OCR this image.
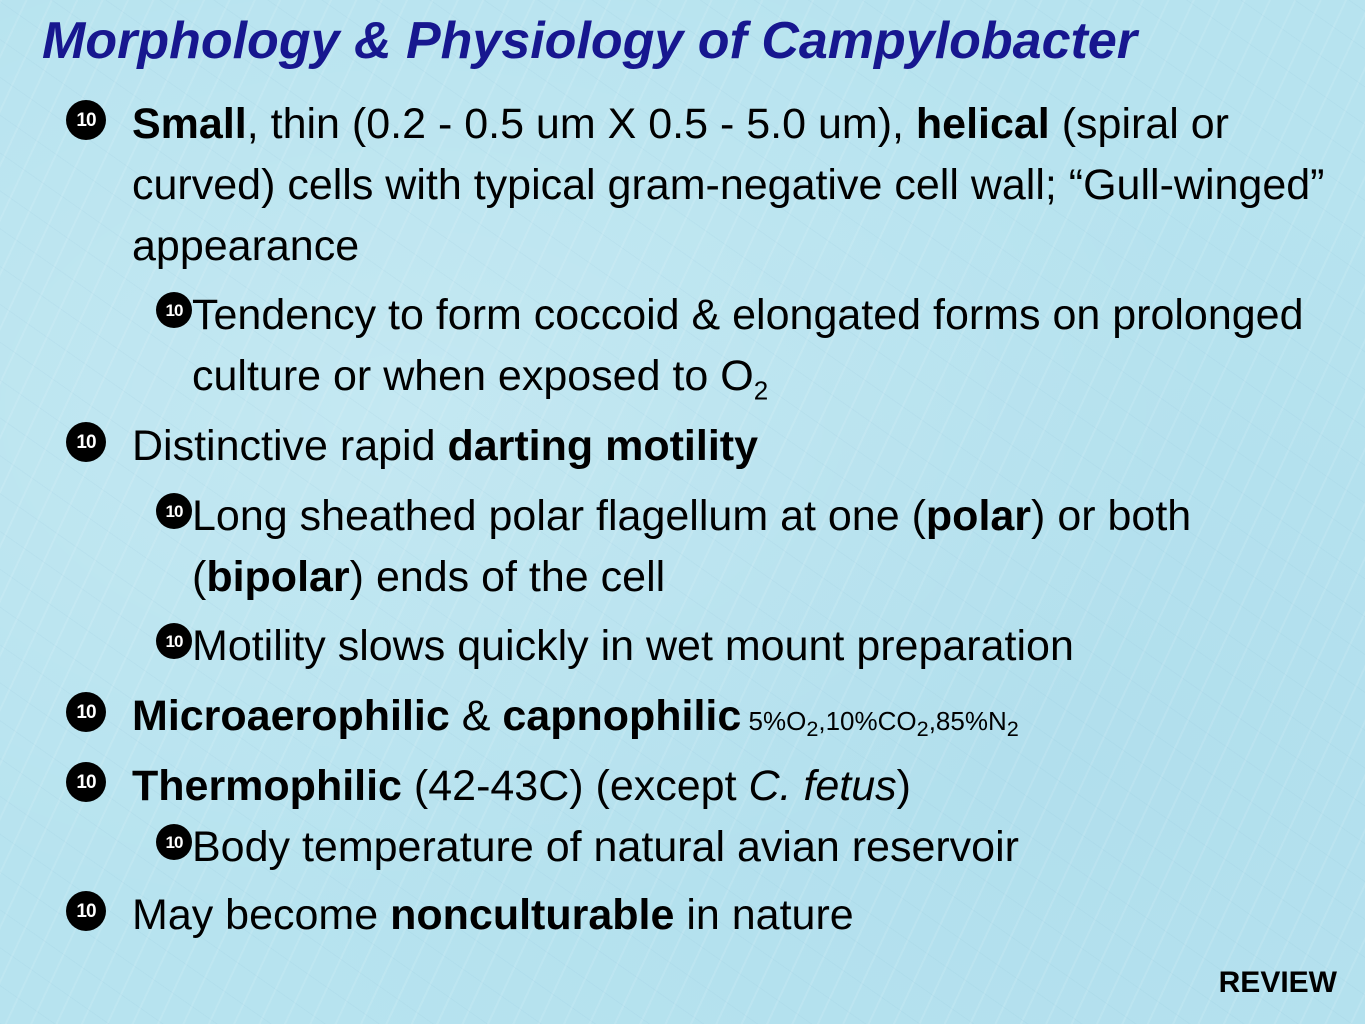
Morphology & Physiology of Campylobacter
10 Small, thin (0.2 - 0.5 um X 0.5 - 5.0 um), helical (spiral or curved) cells with typical gram-negative cell wall; “Gull-winged” appearance
10 Tendency to form coccoid & elongated forms on prolonged culture or when exposed to $O_2$
10 Distinctive rapid darting motility
10 Long sheathed polar flagellum at one (polar) or both (bipolar) ends of the cell
10 Motility slows quickly in wet mount preparation
10 Microaerophilic & capnophilic $5\%O_2,10\%CO_2,85\%N_2$
10 Thermophilic (42-43C) (except C. fetus)
10 Body temperature of natural avian reservoir
10 May become nonculturable in nature
REVIEW
